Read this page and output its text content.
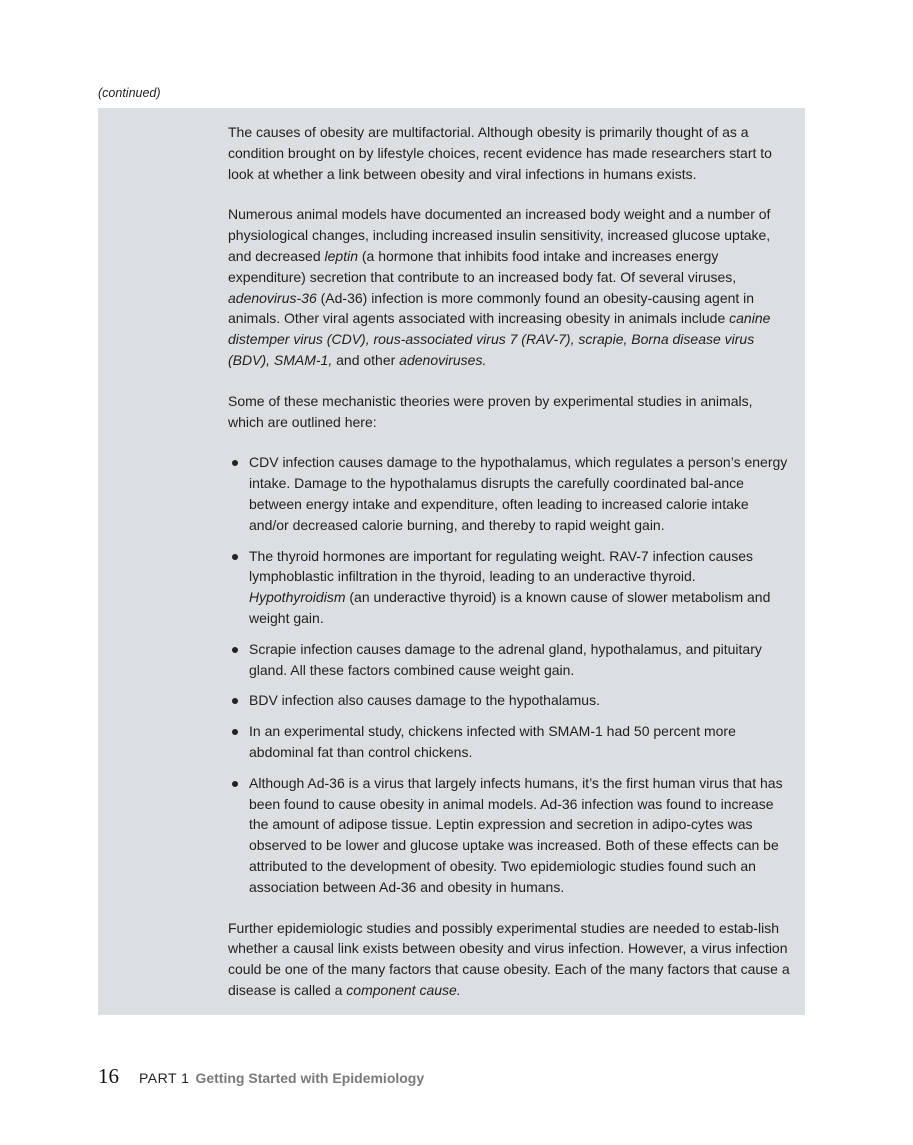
(continued)

The causes of obesity are multifactorial. Although obesity is primarily thought of as a condition brought on by lifestyle choices, recent evidence has made researchers start to look at whether a link between obesity and viral infections in humans exists.

Numerous animal models have documented an increased body weight and a number of physiological changes, including increased insulin sensitivity, increased glucose uptake, and decreased leptin (a hormone that inhibits food intake and increases energy expenditure) secretion that contribute to an increased body fat. Of several viruses, adenovirus-36 (Ad-36) infection is more commonly found an obesity-causing agent in animals. Other viral agents associated with increasing obesity in animals include canine distemper virus (CDV), rous-associated virus 7 (RAV-7), scrapie, Borna disease virus (BDV), SMAM-1, and other adenoviruses.

Some of these mechanistic theories were proven by experimental studies in animals, which are outlined here:

CDV infection causes damage to the hypothalamus, which regulates a person’s energy intake. Damage to the hypothalamus disrupts the carefully coordinated bal-ance between energy intake and expenditure, often leading to increased calorie intake and/or decreased calorie burning, and thereby to rapid weight gain.
The thyroid hormones are important for regulating weight. RAV-7 infection causes lymphoblastic infiltration in the thyroid, leading to an underactive thyroid. Hypothyroidism (an underactive thyroid) is a known cause of slower metabolism and weight gain.
Scrapie infection causes damage to the adrenal gland, hypothalamus, and pituitary gland. All these factors combined cause weight gain.
BDV infection also causes damage to the hypothalamus.
In an experimental study, chickens infected with SMAM-1 had 50 percent more abdominal fat than control chickens.
Although Ad-36 is a virus that largely infects humans, it’s the first human virus that has been found to cause obesity in animal models. Ad-36 infection was found to increase the amount of adipose tissue. Leptin expression and secretion in adipo-cytes was observed to be lower and glucose uptake was increased. Both of these effects can be attributed to the development of obesity. Two epidemiologic studies found such an association between Ad-36 and obesity in humans.

Further epidemiologic studies and possibly experimental studies are needed to estab-lish whether a causal link exists between obesity and virus infection. However, a virus infection could be one of the many factors that cause obesity. Each of the many factors that cause a disease is called a component cause.

16 PART 1 Getting Started with Epidemiology
